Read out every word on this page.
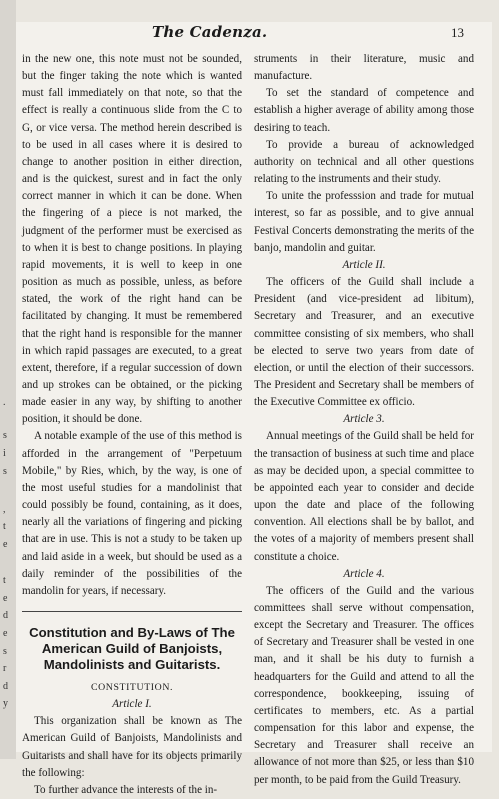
.
s
i
s
,
t
e
t
e
d
e
s
r
d
y
The Cadenza.	13

in the new one, this note must not be sounded, but the finger taking the note which is wanted must fall immediately on that note, so that the effect is really a continuous slide from the C to G, or vice versa. The method herein described is to be used in all cases where it is desired to change to another position in either direction, and is the quickest, surest and in fact the only correct manner in which it can be done. When the fingering of a piece is not marked, the judgment of the performer must be exercised as to when it is best to change positions. In playing rapid movements, it is well to keep in one position as much as possible, unless, as before stated, the work of the right hand can be facilitated by changing. It must be remembered that the right hand is responsible for the manner in which rapid passages are executed, to a great extent, therefore, if a regular succession of down and up strokes can be obtained, or the picking made easier in any way, by shifting to another position, it should be done.

A notable example of the use of this method is afforded in the arrangement of "Perpetuum Mobile," by Ries, which, by the way, is one of the most useful studies for a mandolinist that could possibly be found, containing, as it does, nearly all the variations of fingering and picking that are in use. This is not a study to be taken up and laid aside in a week, but should be used as a daily reminder of the possibilities of the mandolin for years, if necessary.

Constitution and By-Laws of The American Guild of Banjoists, Mandolinists and Guitarists.

CONSTITUTION.

Article I.

This organization shall be known as The American Guild of Banjoists, Mandolinists and Guitarists and shall have for its objects primarily the following:

To further advance the interests of the in-

struments in their literature, music and manufacture.

To set the standard of competence and establish a higher average of ability among those desiring to teach.

To provide a bureau of acknowledged authority on technical and all other questions relating to the instruments and their study.

To unite the professsion and trade for mutual interest, so far as possible, and to give annual Festival Concerts demonstrating the merits of the banjo, mandolin and guitar.

Article II.

The officers of the Guild shall include a President (and vice-president ad libitum), Secretary and Treasurer, and an executive committee consisting of six members, who shall be elected to serve two years from date of election, or until the election of their successors. The President and Secretary shall be members of the Executive Committee ex officio.

Article 3.

Annual meetings of the Guild shall be held for the transaction of business at such time and place as may be decided upon, a special committee to be appointed each year to consider and decide upon the date and place of the following convention. All elections shall be by ballot, and the votes of a majority of members present shall constitute a choice.

Article 4.

The officers of the Guild and the various committees shall serve without compensation, except the Secretary and Treasurer. The offices of Secretary and Treasurer shall be vested in one man, and it shall be his duty to furnish a headquarters for the Guild and attend to all the correspondence, bookkeeping, issuing of certificates to members, etc. As a partial compensation for this labor and expense, the Secretary and Treasurer shall receive an allowance of not more than $25, or less than $10 per month, to be paid from the Guild Treasury.
